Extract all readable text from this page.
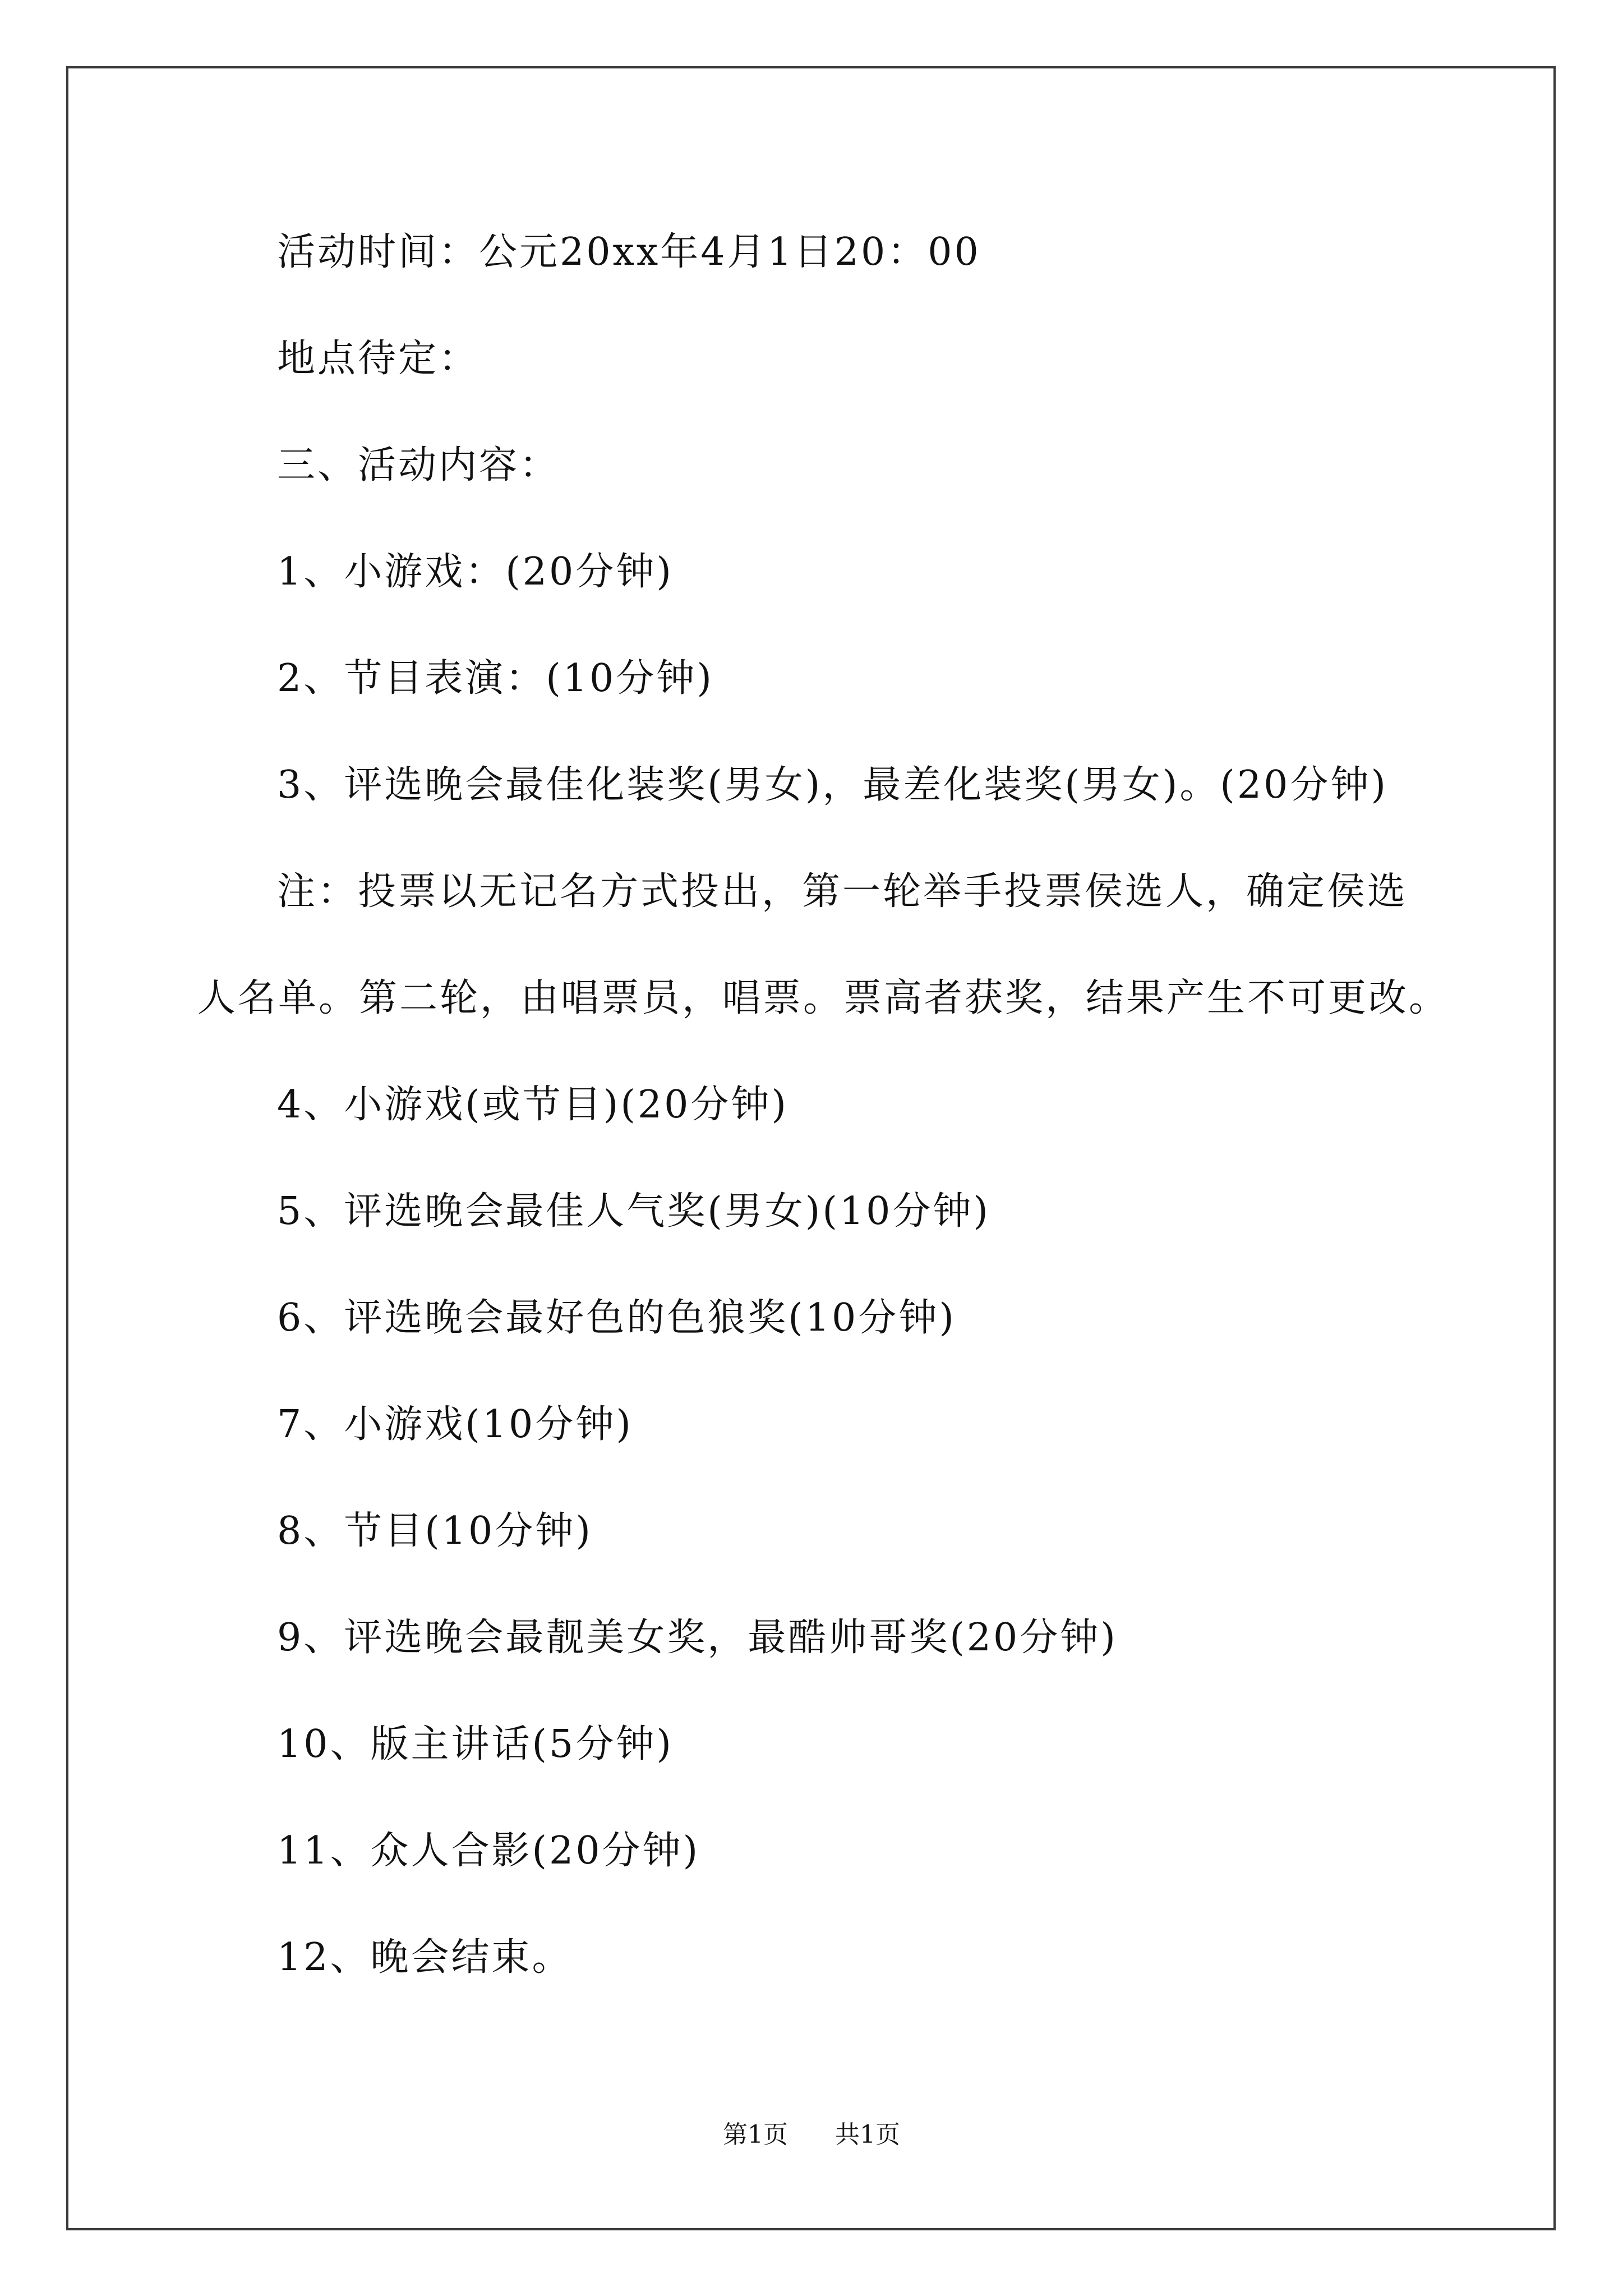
活动时间：公元20xx年4月1日20：00
地点待定：
三、活动内容：
1、小游戏：(20分钟)
2、节目表演：(10分钟)
3、评选晚会最佳化装奖(男女)，最差化装奖(男女)。(20分钟)
注：投票以无记名方式投出，第一轮举手投票侯选人，确定侯选
人名单。第二轮，由唱票员，唱票。票高者获奖，结果产生不可更改。
4、小游戏(或节目)(20分钟)
5、评选晚会最佳人气奖(男女)(10分钟)
6、评选晚会最好色的色狼奖(10分钟)
7、小游戏(10分钟)
8、节目(10分钟)
9、评选晚会最靓美女奖，最酷帅哥奖(20分钟)
10、版主讲话(5分钟)
11、众人合影(20分钟)
12、晚会结束。
第1页  共1页
